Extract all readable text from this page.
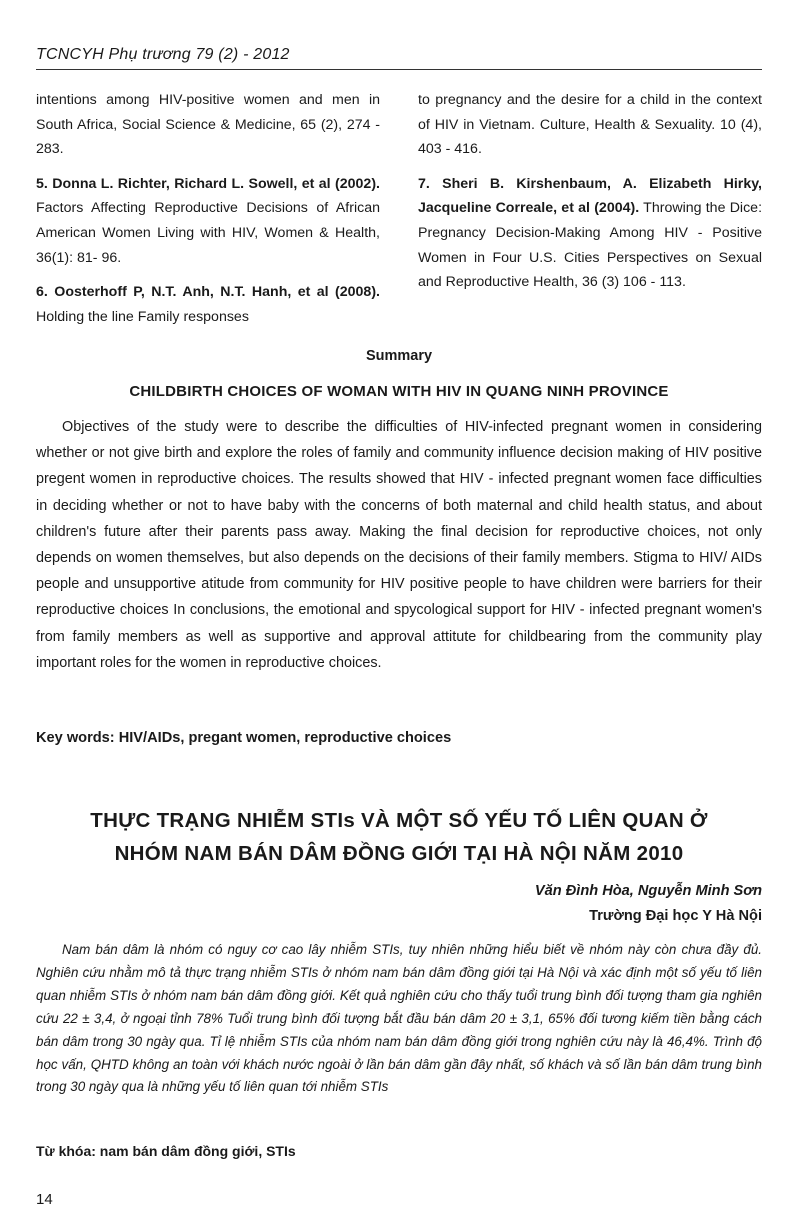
TCNCYH Phụ trương 79 (2) - 2012

intentions among HIV-positive women and men in South Africa, Social Science & Medicine, 65 (2), 274 - 283.

5. Donna L. Richter, Richard L. Sowell, et al (2002). Factors Affecting Reproductive Decisions of African American Women Living with HIV, Women & Health, 36(1): 81- 96.

6. Oosterhoff P, N.T. Anh, N.T. Hanh, et al (2008). Holding the line Family responses

to pregnancy and the desire for a child in the context of HIV in Vietnam. Culture, Health & Sexuality. 10 (4), 403 - 416.

7. Sheri B. Kirshenbaum, A. Elizabeth Hirky, Jacqueline Correale, et al (2004). Throwing the Dice: Pregnancy Decision-Making Among HIV - Positive Women in Four U.S. Cities Perspectives on Sexual and Reproductive Health, 36 (3) 106 - 113.

Summary
CHILDBIRTH CHOICES OF WOMAN WITH HIV IN QUANG NINH PROVINCE

Objectives of the study were to describe the difficulties of HIV-infected pregnant women in considering whether or not give birth and explore the roles of family and community influence decision making of HIV positive pregent women in reproductive choices. The results showed that HIV - infected pregnant women face difficulties in deciding whether or not to have baby with the concerns of both maternal and child health status, and about children's future after their parents pass away. Making the final decision for reproductive choices, not only depends on women themselves, but also depends on the decisions of their family members. Stigma to HIV/ AIDs people and unsupportive atitude from community for HIV positive people to have children were barriers for their reproductive choices In conclusions, the emotional and spycological support for HIV - infected pregnant women's from family members as well as supportive and approval attitute for childbearing from the community play important roles for the women in reproductive choices.

Key words: HIV/AIDs, pregant women, reproductive choices
THỰC TRẠNG NHIỄM STIs VÀ MỘT SỐ YẾU TỐ LIÊN QUAN Ở
NHÓM NAM BÁN DÂM ĐỒNG GIỚI TẠI HÀ NỘI NĂM 2010
Văn Đình Hòa, Nguyễn Minh Sơn
Trường Đại học Y Hà Nội

Nam bán dâm là nhóm có nguy cơ cao lây nhiễm STIs, tuy nhiên những hiểu biết về nhóm này còn chưa đầy đủ. Nghiên cứu nhằm mô tả thực trạng nhiễm STIs ở nhóm nam bán dâm đồng giới tại Hà Nội và xác định một số yếu tố liên quan nhiễm STIs ở nhóm nam bán dâm đồng giới. Kết quả nghiên cứu cho thấy tuổi trung bình đối tượng tham gia nghiên cứu 22 ± 3,4, ở ngoại tỉnh 78% Tuổi trung bình đối tượng bắt đầu bán dâm 20 ± 3,1, 65% đối tương kiếm tiền bằng cách bán dâm trong 30 ngày qua. Tỉ lệ nhiễm STIs của nhóm nam bán dâm đồng giới trong nghiên cứu này là 46,4%. Trình độ học vấn, QHTD không an toàn với khách nước ngoài ở lần bán dâm gần đây nhất, số khách và số lần bán dâm trung bình trong 30 ngày qua là những yếu tố liên quan tới nhiễm STIs

Từ khóa: nam bán dâm đồng giới, STIs
14
